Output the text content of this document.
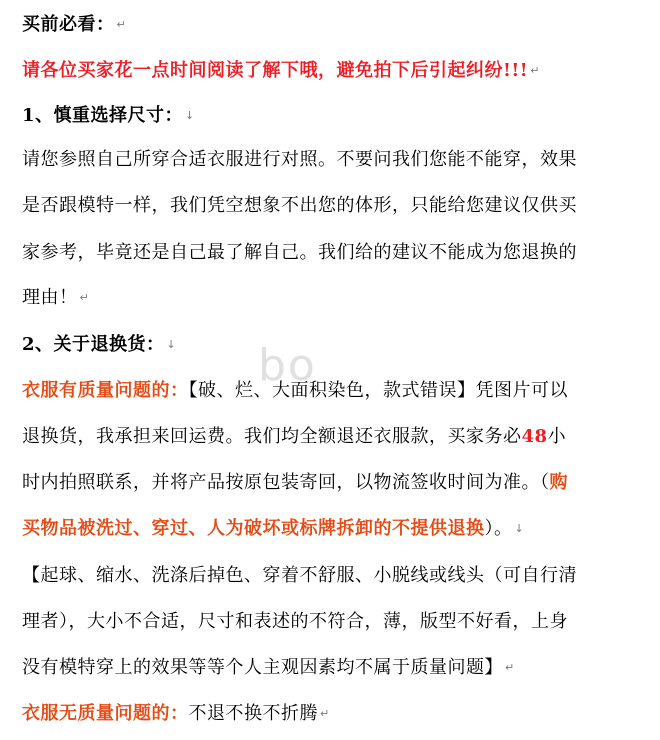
买前必看： ↵
请各位买家花一点时间阅读了解下哦，避免拍下后引起纠纷!!! ↵
1、慎重选择尺寸： ↓
请您参照自己所穿合适衣服进行对照。不要问我们您能不能穿，效果
是否跟模特一样，我们凭空想象不出您的体形，只能给您建议仅供买
家参考，毕竟还是自己最了解自己。我们给的建议不能成为您退换的
理由！ ↵
2、关于退换货： ↓
衣服有质量问题的：【破、烂、大面积染色，款式错误】凭图片可以
退换货，我承担来回运费。我们均全额退还衣服款，买家务必48小
时内拍照联系，并将产品按原包装寄回，以物流签收时间为准。（购
买物品被洗过、穿过、人为破坏或标牌拆卸的不提供退换）。 ↓
【起球、缩水、洗涤后掉色、穿着不舒服、小脱线或线头（可自行清
理者），大小不合适，尺寸和表述的不符合，薄，版型不好看，上身
没有模特穿上的效果等等个人主观因素均不属于质量问题】 ↵
衣服无质量问题的：不退不换不折腾 ↵
bo
